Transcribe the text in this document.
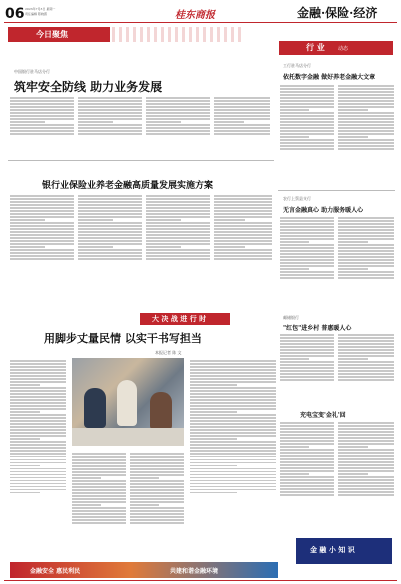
06 2023年7月3日 星期一
责任编辑 陈晓霞	桂东商报	金融·保险·经济
今日聚焦
中国银行驻马店分行
筑牢安全防线 助力业务发展
行 业	动态
工行驻马店分行
依托数字金融 做好养老金融大文章
银行业保险业养老金融高质量发展实施方案
农行上蔡县支行
无言金融真心 助力服务暖人心
大 决 战 进 行 时
用脚步丈量民情 以实干书写担当
本报记者 陈 文
邮储银行
"红包"进乡村 普惠暖人心
充电宝变'金礼'回
金 融 小 知 识
金融安全 惠民利民	共建和谐金融环境
